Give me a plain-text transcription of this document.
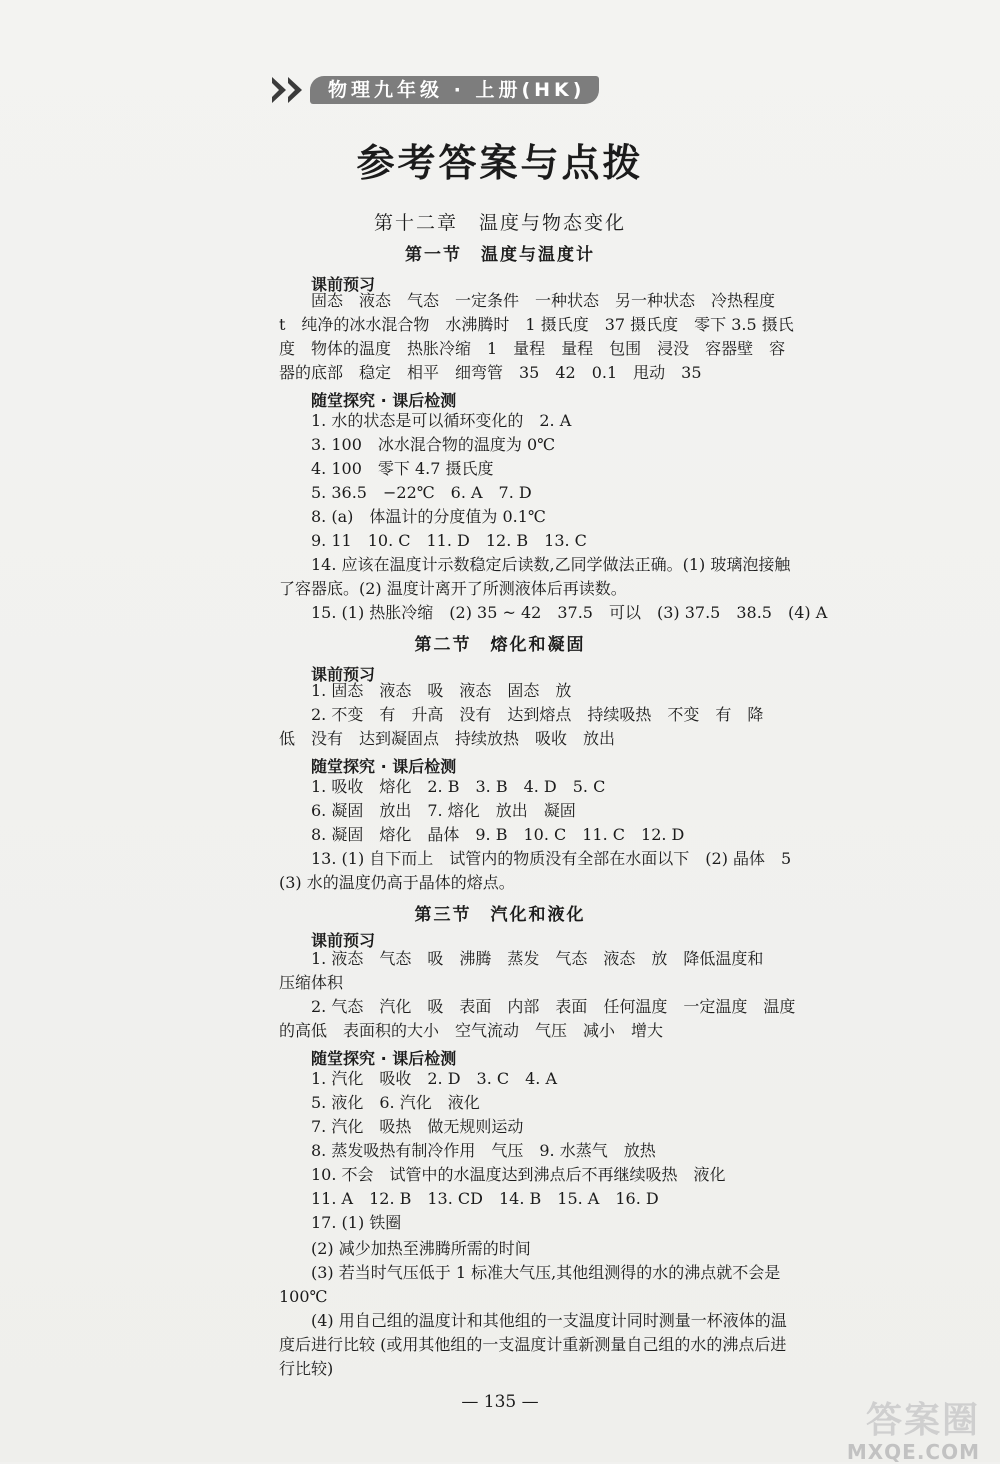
物理九年级 · 上册(HK)
参考答案与点拨
第十二章　温度与物态变化
第一节　温度与温度计
课前预习
固态　液态　气态　一定条件　一种状态　另一种状态　冷热程度
t　纯净的冰水混合物　水沸腾时　1 摄氏度　37 摄氏度　零下 3.5 摄氏
度　物体的温度　热胀冷缩　1　量程　量程　包围　浸没　容器壁　容
器的底部　稳定　相平　细弯管　35　42　0.1　甩动　35
随堂探究 · 课后检测
1. 水的状态是可以循环变化的　2. A
3. 100　冰水混合物的温度为 0℃
4. 100　零下 4.7 摄氏度
5. 36.5　−22℃　6. A　7. D
8. (a)　体温计的分度值为 0.1℃
9. 11　10. C　11. D　12. B　13. C
14. 应该在温度计示数稳定后读数,乙同学做法正确。(1) 玻璃泡接触
了容器底。(2) 温度计离开了所测液体后再读数。
15. (1) 热胀冷缩　(2) 35 ~ 42　37.5　可以　(3) 37.5　38.5　(4) A
第二节　熔化和凝固
课前预习
1. 固态　液态　吸　液态　固态　放
2. 不变　有　升高　没有　达到熔点　持续吸热　不变　有　降
低　没有　达到凝固点　持续放热　吸收　放出
随堂探究 · 课后检测
1. 吸收　熔化　2. B　3. B　4. D　5. C
6. 凝固　放出　7. 熔化　放出　凝固
8. 凝固　熔化　晶体　9. B　10. C　11. C　12. D
13. (1) 自下而上　试管内的物质没有全部在水面以下　(2) 晶体　5
(3) 水的温度仍高于晶体的熔点。
第三节　汽化和液化
课前预习
1. 液态　气态　吸　沸腾　蒸发　气态　液态　放　降低温度和
压缩体积
2. 气态　汽化　吸　表面　内部　表面　任何温度　一定温度　温度
的高低　表面积的大小　空气流动　气压　减小　增大
随堂探究 · 课后检测
1. 汽化　吸收　2. D　3. C　4. A
5. 液化　6. 汽化　液化
7. 汽化　吸热　做无规则运动
8. 蒸发吸热有制冷作用　气压　9. 水蒸气　放热
10. 不会　试管中的水温度达到沸点后不再继续吸热　液化
11. A　12. B　13. CD　14. B　15. A　16. D
17. (1) 铁圈
(2) 减少加热至沸腾所需的时间
(3) 若当时气压低于 1 标准大气压,其他组测得的水的沸点就不会是
100℃
(4) 用自己组的温度计和其他组的一支温度计同时测量一杯液体的温
度后进行比较 (或用其他组的一支温度计重新测量自己组的水的沸点后进
行比较)
— 135 —	答案圈
MXQE.COM
